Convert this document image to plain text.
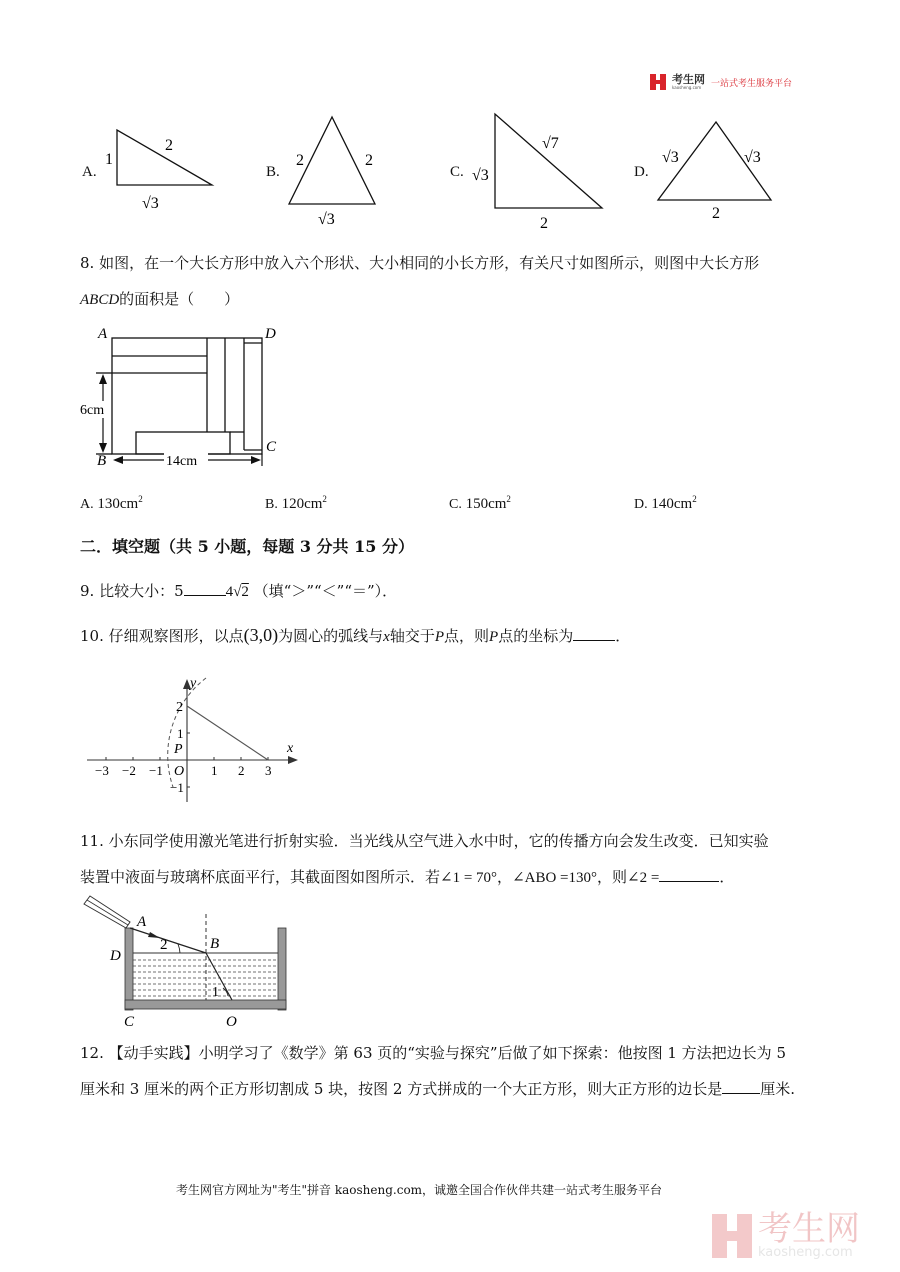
考生网
kaosheng.com	一站式考生服务平台
A.
1
2
√3
B.
2	2
√3
C. √3
√7
2
D.
√3	√3
2
8. 如图，在一个大长方形中放入六个形状、大小相同的小长方形，有关尺寸如图所示，则图中大长方形
ABCD的面积是（　　）
6cm
14cm
A	D
B
C
A. $130cm^2$	B. $120cm^2$	C. $150cm^2$	D. $140cm^2$
二．填空题（共 5 小题，每题 3 分共 15 分）
9. 比较大小：5	4√2 （填“＞”“＜”“＝”）．
10. 仔细观察图形，以点(3,0)为圆心的弧线与x轴交于P点，则P点的坐标为	．
y
x
2
1
−1
−3 −2 −1	1 2 3
O
P
11. 小东同学使用激光笔进行折射实验．当光线从空气进入水中时，它的传播方向会发生改变．已知实验
装置中液面与玻璃杯底面平行，其截面图如图所示．若∠1 = 70°，∠ABO =130°，则∠2 =	．
2
1
A
B
D
C	O
12. 【动手实践】小明学习了《数学》第 63 页的“实验与探究”后做了如下探索：他按图 1 方法把边长为 5
厘米和 3 厘米的两个正方形切割成 5 块，按图 2 方式拼成的一个大正方形，则大正方形的边长是	厘米.
考生网官方网址为"考生"拼音 kaosheng.com，诚邀全国合作伙伴共建一站式考生服务平台
考生网
kaosheng.com
